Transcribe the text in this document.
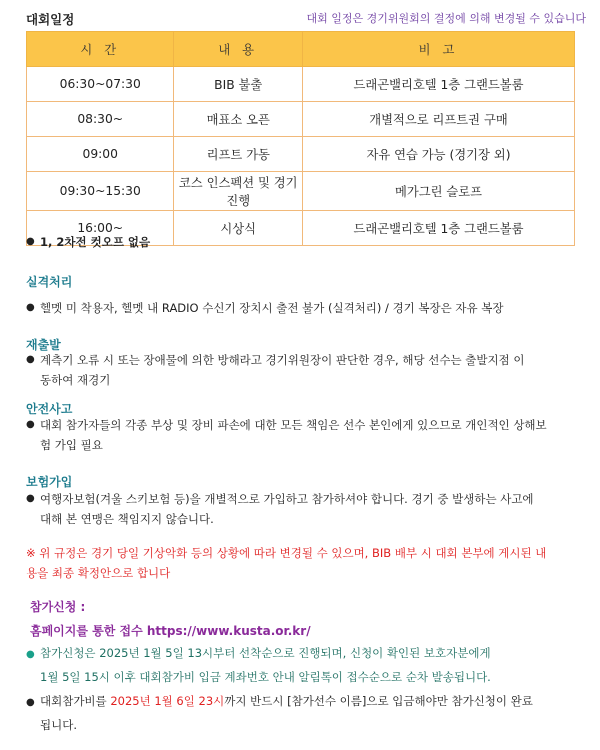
대회일정	대회 일정은 경기위원회의 결정에 의해 변경될 수 있습니다
시 간	내 용	비 고
06:30~07:30	BIB 불출	드래곤밸리호텔 1층 그랜드볼룸
08:30~	매표소 오픈	개별적으로 리프트권 구매
09:00	리프트 가동	자유 연습 가능 (경기장 외)
09:30~15:30	코스 인스펙션 및 경기진행	메가그린 슬로프
16:00~	시상식	드래곤밸리호텔 1층 그랜드볼룸
● 1, 2차전 컷오프 없음
실격처리
● 헬멧 미 착용자, 헬멧 내 RADIO 수신기 장치시 출전 불가 (실격처리) / 경기 복장은 자유 복장
재출발
● 계측기 오류 시 또는 장애물에 의한 방해라고 경기위원장이 판단한 경우, 해당 선수는 출발지점 이
동하여 재경기
안전사고
● 대회 참가자들의 각종 부상 및 장비 파손에 대한 모든 책임은 선수 본인에게 있으므로 개인적인 상해보
험 가입 필요
보험가입
● 여행자보험(겨울 스키보험 등)을 개별적으로 가입하고 참가하셔야 합니다. 경기 중 발생하는 사고에
대해 본 연맹은 책임지지 않습니다.
※ 위 규정은 경기 당일 기상악화 등의 상황에 따라 변경될 수 있으며, BIB 배부 시 대회 본부에 게시된 내
용을 최종 확정안으로 합니다
참가신청 :
홈페이지를 통한 접수 https://www.kusta.or.kr/
● 참가신청은 2025년 1월 5일 13시부터 선착순으로 진행되며, 신청이 확인된 보호자분에게
1월 5일 15시 이후 대회참가비 입금 계좌번호 안내 알림톡이 접수순으로 순차 발송됩니다.
● 대회참가비를 2025년 1월 6일 23시까지 반드시 [참가선수 이름]으로 입금해야만 참가신청이 완료
됩니다.
